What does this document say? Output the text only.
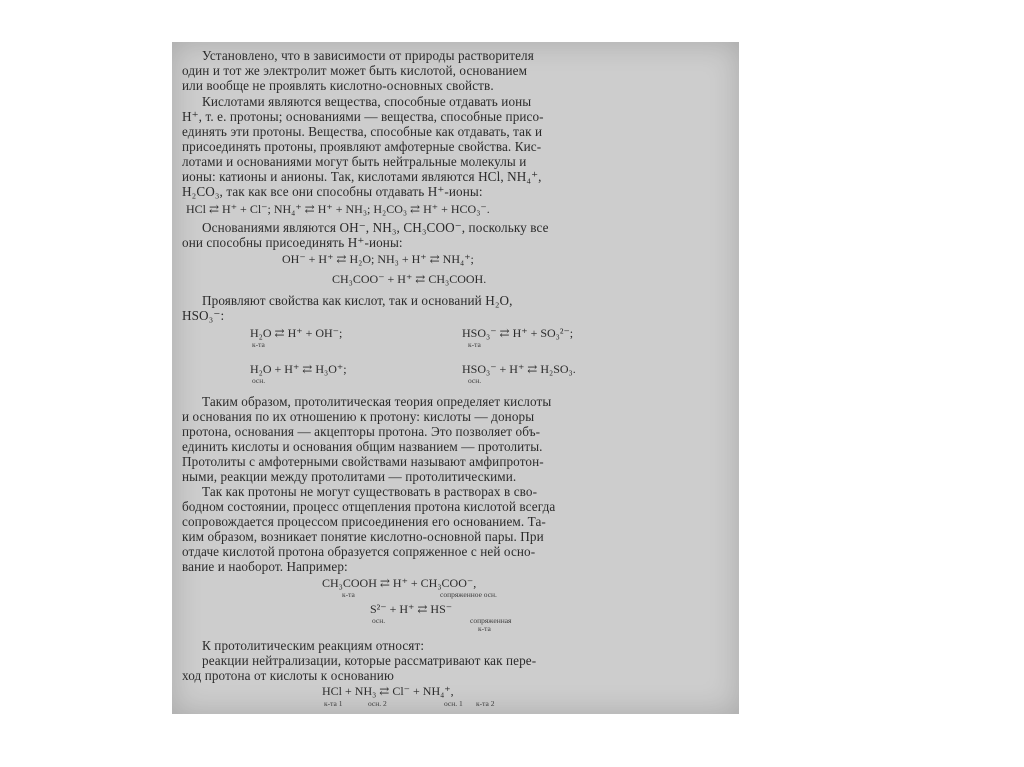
Установлено, что в зависимости от природы растворителя
один и тот же электролит может быть кислотой, основанием
или вообще не проявлять кислотно-основных свойств.
Кислотами являются вещества, способные отдавать ионы
H⁺, т. е. протоны; основаниями — вещества, способные присо-
единять эти протоны. Вещества, способные как отдавать, так и
присоединять протоны, проявляют амфотерные свойства. Кис-
лотами и основаниями могут быть нейтральные молекулы и
ионы: катионы и анионы. Так, кислотами являются HCl, NH₄⁺,
H₂CO₃, так как все они способны отдавать H⁺-ионы:
HCl ⇄ H⁺ + Cl⁻; NH₄⁺ ⇄ H⁺ + NH₃; H₂CO₃ ⇄ H⁺ + HCO₃⁻.
Основаниями являются OH⁻, NH₃, CH₃COO⁻, поскольку все
они способны присоединять H⁺-ионы:
OH⁻ + H⁺ ⇄ H₂O; NH₃ + H⁺ ⇄ NH₄⁺;
CH₃COO⁻ + H⁺ ⇄ CH₃COOH.
Проявляют свойства как кислот, так и оснований H₂O,
HSO₃⁻:
H₂O ⇄ H⁺ + OH⁻;	HSO₃⁻ ⇄ H⁺ + SO₃²⁻;
к-та	к-та
H₂O + H⁺ ⇄ H₃O⁺;	HSO₃⁻ + H⁺ ⇄ H₂SO₃.
осн.	осн.
Таким образом, протолитическая теория определяет кислоты
и основания по их отношению к протону: кислоты — доноры
протона, основания — акцепторы протона. Это позволяет объ-
единить кислоты и основания общим названием — протолиты.
Протолиты с амфотерными свойствами называют амфипротон-
ными, реакции между протолитами — протолитическими.
Так как протоны не могут существовать в растворах в сво-
бодном состоянии, процесс отщепления протона кислотой всегда
сопровождается процессом присоединения его основанием. Та-
ким образом, возникает понятие кислотно-основной пары. При
отдаче кислотой протона образуется сопряженное с ней осно-
вание и наоборот. Например:
CH₃COOH ⇄ H⁺ + CH₃COO⁻,
к-та	сопряженное осн.
S²⁻ + H⁺ ⇄ HS⁻
осн.	сопряженная
к-та
К протолитическим реакциям относят:
реакции нейтрализации, которые рассматривают как пере-
ход протона от кислоты к основанию
HCl + NH₃ ⇄ Cl⁻ + NH₄⁺,
к-та 1	осн. 2	осн. 1 к-та 2
